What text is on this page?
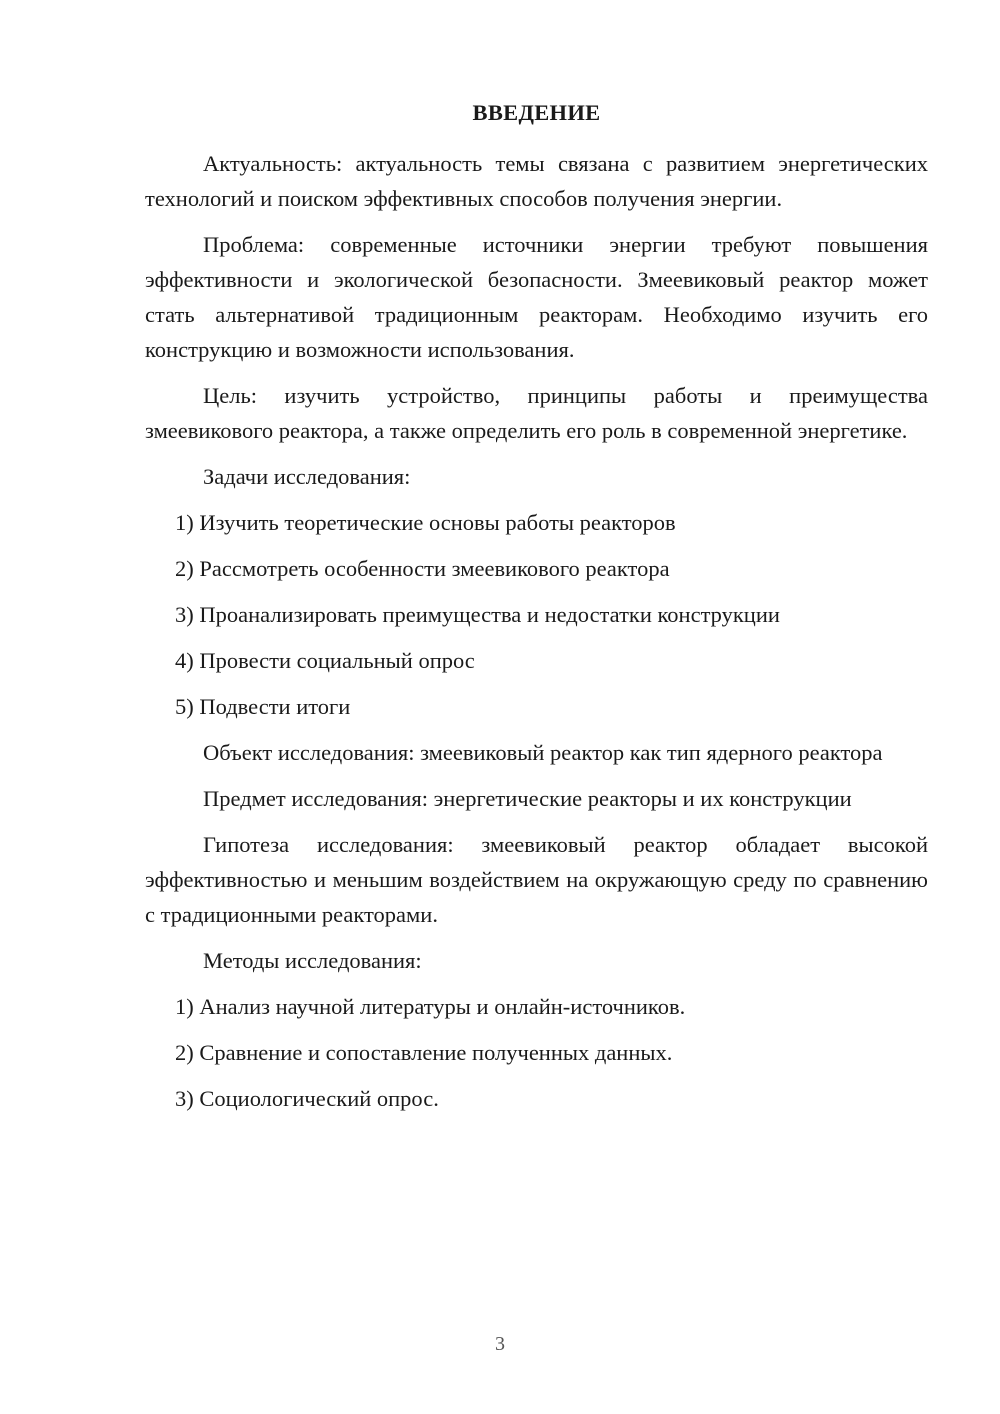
ВВЕДЕНИЕ

Актуальность: актуальность темы связана с развитием энергетических технологий и поиском эффективных способов получения энергии.

Проблема: современные источники энергии требуют повышения эффективности и экологической безопасности. Змеевиковый реактор может стать альтернативой традиционным реакторам. Необходимо изучить его конструкцию и возможности использования.

Цель: изучить устройство, принципы работы и преимущества змеевикового реактора, а также определить его роль в современной энергетике.

Задачи исследования:

1) Изучить теоретические основы работы реакторов
2) Рассмотреть особенности змеевикового реактора
3) Проанализировать преимущества и недостатки конструкции
4) Провести социальный опрос
5) Подвести итоги

Объект исследования: змеевиковый реактор как тип ядерного реактора

Предмет исследования: энергетические реакторы и их конструкции

Гипотеза исследования: змеевиковый реактор обладает высокой эффективностью и меньшим воздействием на окружающую среду по сравнению с традиционными реакторами.

Методы исследования:

1) Анализ научной литературы и онлайн-источников.
2) Сравнение и сопоставление полученных данных.
3) Социологический опрос.
3
